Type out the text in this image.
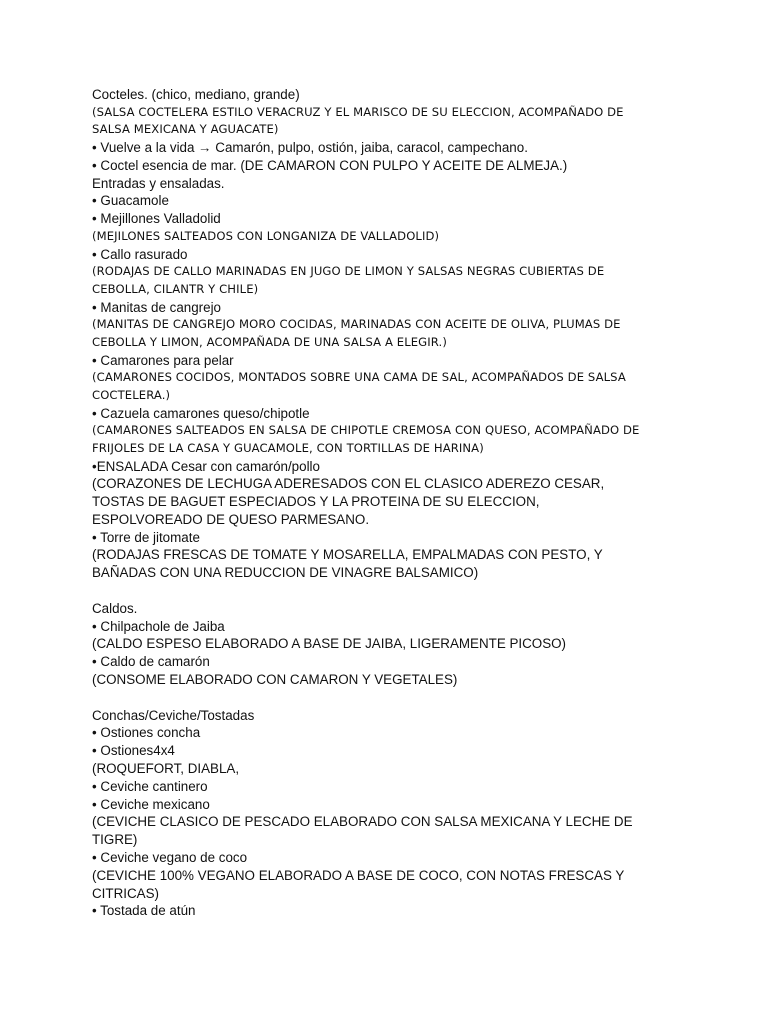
Cocteles. (chico, mediano, grande)
(SALSA COCTELERA ESTILO VERACRUZ Y EL MARISCO DE SU ELECCION, ACOMPAÑADO DE
SALSA MEXICANA Y AGUACATE)
• Vuelve a la vida → Camarón, pulpo, ostión, jaiba, caracol, campechano.
• Coctel esencia de mar. (DE CAMARON CON PULPO Y ACEITE DE ALMEJA.)
Entradas y ensaladas.
• Guacamole
• Mejillones Valladolid
(MEJILONES SALTEADOS CON LONGANIZA DE VALLADOLID)
• Callo rasurado
(RODAJAS DE CALLO MARINADAS EN JUGO DE LIMON Y SALSAS NEGRAS CUBIERTAS DE
CEBOLLA, CILANTR Y CHILE)
• Manitas de cangrejo
(MANITAS DE CANGREJO MORO COCIDAS, MARINADAS CON ACEITE DE OLIVA, PLUMAS DE
CEBOLLA Y LIMON, ACOMPAÑADA DE UNA SALSA A ELEGIR.)
• Camarones para pelar
(CAMARONES COCIDOS, MONTADOS SOBRE UNA CAMA DE SAL, ACOMPAÑADOS DE SALSA
COCTELERA.)
• Cazuela camarones queso/chipotle
(CAMARONES SALTEADOS EN SALSA DE CHIPOTLE CREMOSA CON QUESO, ACOMPAÑADO DE
FRIJOLES DE LA CASA Y GUACAMOLE, CON TORTILLAS DE HARINA)
•ENSALADA Cesar con camarón/pollo
(CORAZONES DE LECHUGA ADERESADOS CON EL CLASICO ADEREZO CESAR,
TOSTAS DE BAGUET ESPECIADOS Y LA PROTEINA DE SU ELECCION,
ESPOLVOREADO DE QUESO PARMESANO.
• Torre de jitomate
(RODAJAS FRESCAS DE TOMATE Y MOSARELLA, EMPALMADAS CON PESTO, Y
BAÑADAS CON UNA REDUCCION DE VINAGRE BALSAMICO)
Caldos.
• Chilpachole de Jaiba
(CALDO ESPESO ELABORADO A BASE DE JAIBA, LIGERAMENTE PICOSO)
• Caldo de camarón
(CONSOME ELABORADO CON CAMARON Y VEGETALES)
Conchas/Ceviche/Tostadas
• Ostiones concha
• Ostiones4x4
(ROQUEFORT, DIABLA,
• Ceviche cantinero
• Ceviche mexicano
(CEVICHE CLASICO DE PESCADO ELABORADO CON SALSA MEXICANA Y LECHE DE
TIGRE)
• Ceviche vegano de coco
(CEVICHE 100% VEGANO ELABORADO A BASE DE COCO, CON NOTAS FRESCAS Y
CITRICAS)
• Tostada de atún
